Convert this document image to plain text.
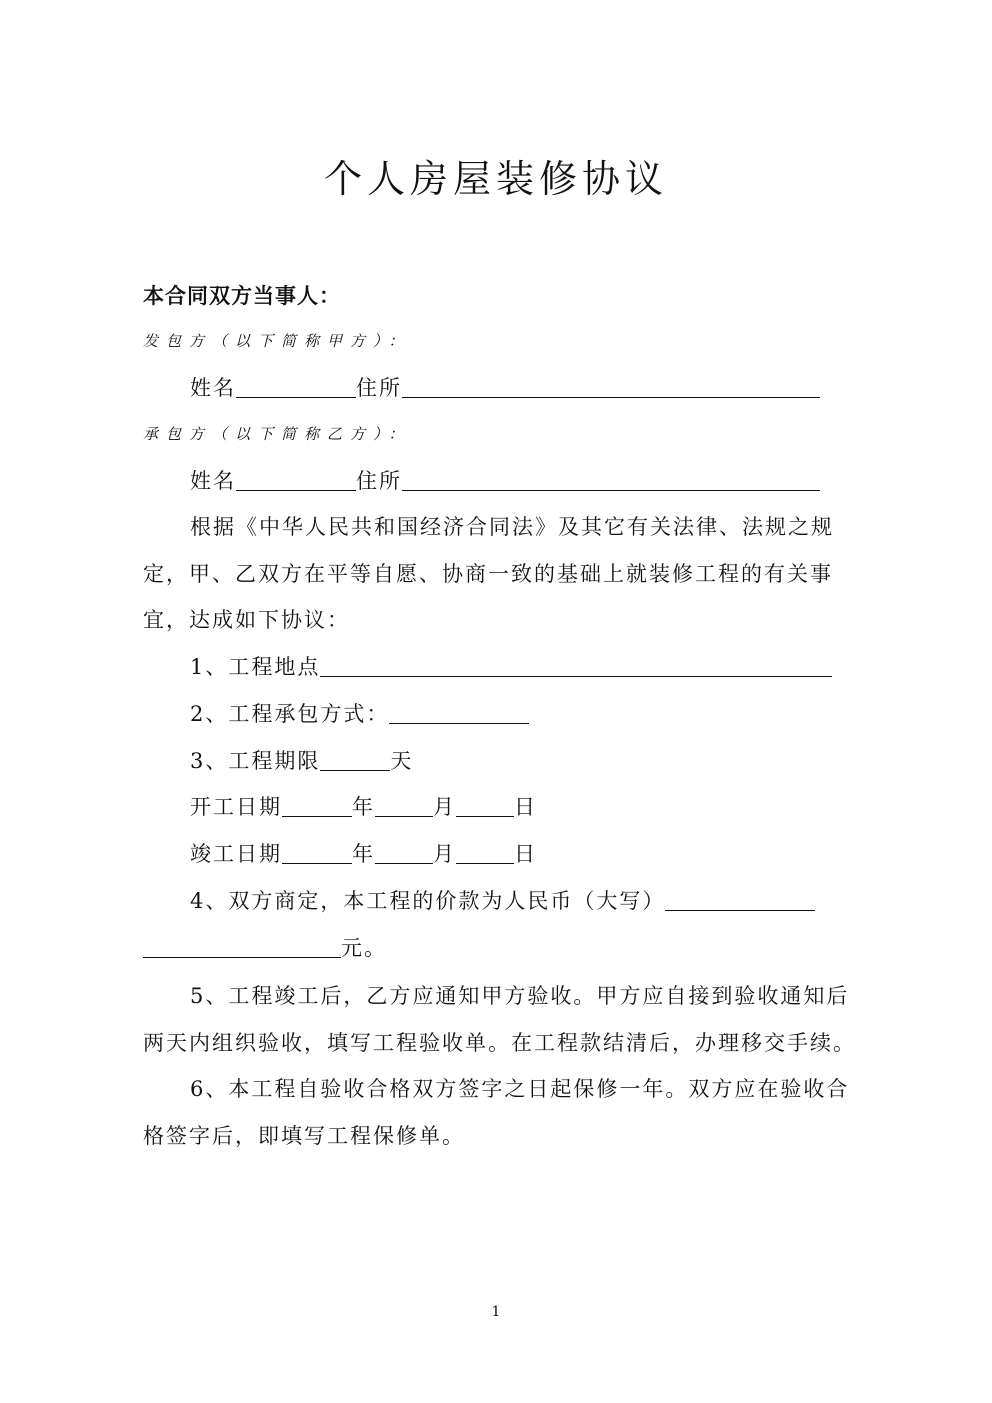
个人房屋装修协议
本合同双方当事人：
发包方（以下简称甲方）：
姓名	住所
承包方（以下简称乙方）：
姓名	住所
根据《中华人民共和国经济合同法》及其它有关法律、法规之规
定，甲、乙双方在平等自愿、协商一致的基础上就装修工程的有关事
宜，达成如下协议：
1、工程地点
2、工程承包方式：
3、工程期限	天
开工日期	年	月	日
竣工日期	年	月	日
4、双方商定，本工程的价款为人民币（大写）
元。
5、工程竣工后，乙方应通知甲方验收。甲方应自接到验收通知后
两天内组织验收，填写工程验收单。在工程款结清后，办理移交手续。
6、本工程自验收合格双方签字之日起保修一年。双方应在验收合
格签字后，即填写工程保修单。
1
